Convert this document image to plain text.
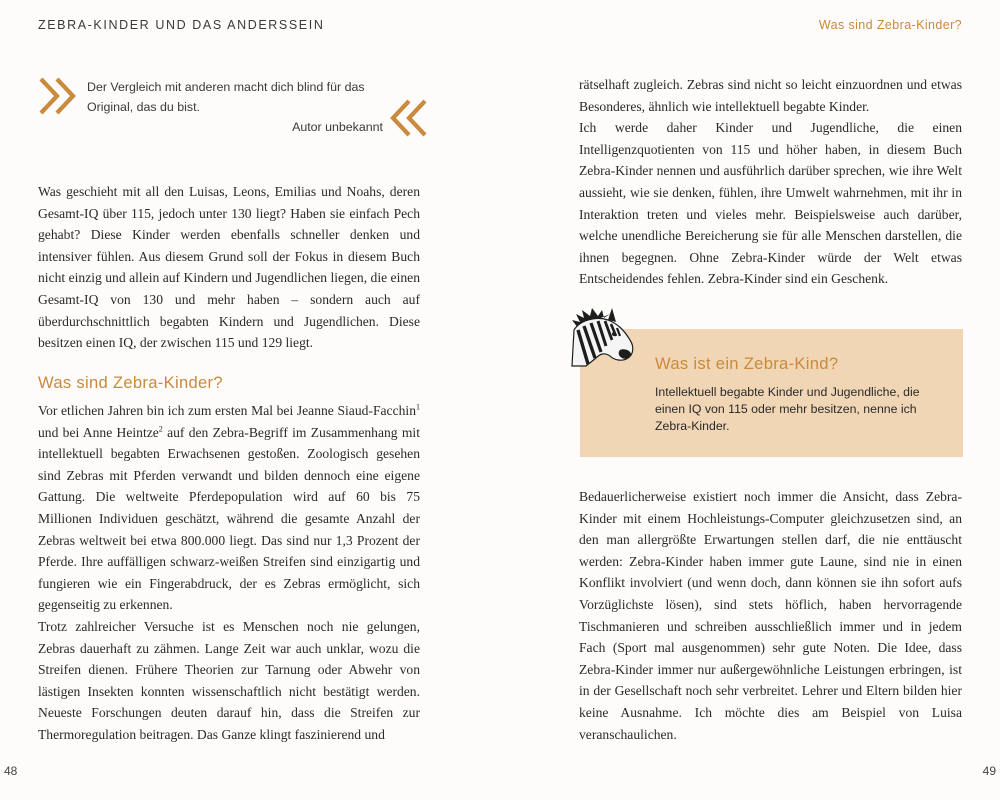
ZEBRA-KINDER UND DAS ANDERSSEIN
Der Vergleich mit anderen macht dich blind für das Original, das du bist.
Autor unbekannt

Was geschieht mit all den Luisas, Leons, Emilias und Noahs, deren Gesamt-IQ über 115, jedoch unter 130 liegt? Haben sie einfach Pech gehabt? Diese Kinder werden ebenfalls schneller denken und intensiver fühlen. Aus diesem Grund soll der Fokus in diesem Buch nicht einzig und allein auf Kindern und Jugendlichen liegen, die einen Gesamt-IQ von 130 und mehr haben – sondern auch auf überdurchschnittlich begabten Kindern und Jugendlichen. Diese besitzen einen IQ, der zwischen 115 und 129 liegt.

Was sind Zebra-Kinder?

Vor etlichen Jahren bin ich zum ersten Mal bei Jeanne Siaud-Facchin$^1$ und bei Anne Heintze$^2$ auf den Zebra-Begriff im Zusammenhang mit intellektuell begabten Erwachsenen gestoßen. Zoologisch gesehen sind Zebras mit Pferden verwandt und bilden dennoch eine eigene Gattung. Die weltweite Pferdepopulation wird auf 60 bis 75 Millionen Individuen geschätzt, während die gesamte Anzahl der Zebras weltweit bei etwa 800.000 liegt. Das sind nur 1,3 Prozent der Pferde. Ihre auffälligen schwarz-weißen Streifen sind einzigartig und fungieren wie ein Fingerabdruck, der es Zebras ermöglicht, sich gegenseitig zu erkennen.

Trotz zahlreicher Versuche ist es Menschen noch nie gelungen, Zebras dauerhaft zu zähmen. Lange Zeit war auch unklar, wozu die Streifen dienen. Frühere Theorien zur Tarnung oder Abwehr von lästigen Insekten konnten wissenschaftlich nicht bestätigt werden. Neueste Forschungen deuten darauf hin, dass die Streifen zur Thermoregulation beitragen. Das Ganze klingt faszinierend und

48
Was sind Zebra-Kinder?

rätselhaft zugleich. Zebras sind nicht so leicht einzuordnen und etwas Besonderes, ähnlich wie intellektuell begabte Kinder.

Ich werde daher Kinder und Jugendliche, die einen Intelligenzquotienten von 115 und höher haben, in diesem Buch Zebra-Kinder nennen und ausführlich darüber sprechen, wie ihre Welt aussieht, wie sie denken, fühlen, ihre Umwelt wahrnehmen, mit ihr in Interaktion treten und vieles mehr. Beispielsweise auch darüber, welche unendliche Bereicherung sie für alle Menschen darstellen, die ihnen begegnen. Ohne Zebra-Kinder würde der Welt etwas Entscheidendes fehlen. Zebra-Kinder sind ein Geschenk.

Was ist ein Zebra-Kind?
Intellektuell begabte Kinder und Jugendliche, die einen IQ von 115 oder mehr besitzen, nenne ich Zebra-Kinder.

Bedauerlicherweise existiert noch immer die Ansicht, dass Zebra-Kinder mit einem Hochleistungs-Computer gleichzusetzen sind, an den man allergrößte Erwartungen stellen darf, die nie enttäuscht werden: Zebra-Kinder haben immer gute Laune, sind nie in einen Konflikt involviert (und wenn doch, dann können sie ihn sofort aufs Vorzüglichste lösen), sind stets höflich, haben hervorragende Tischmanieren und schreiben ausschließlich immer und in jedem Fach (Sport mal ausgenommen) sehr gute Noten. Die Idee, dass Zebra-Kinder immer nur außergewöhnliche Leistungen erbringen, ist in der Gesellschaft noch sehr verbreitet. Lehrer und Eltern bilden hier keine Ausnahme. Ich möchte dies am Beispiel von Luisa veranschaulichen.

49
